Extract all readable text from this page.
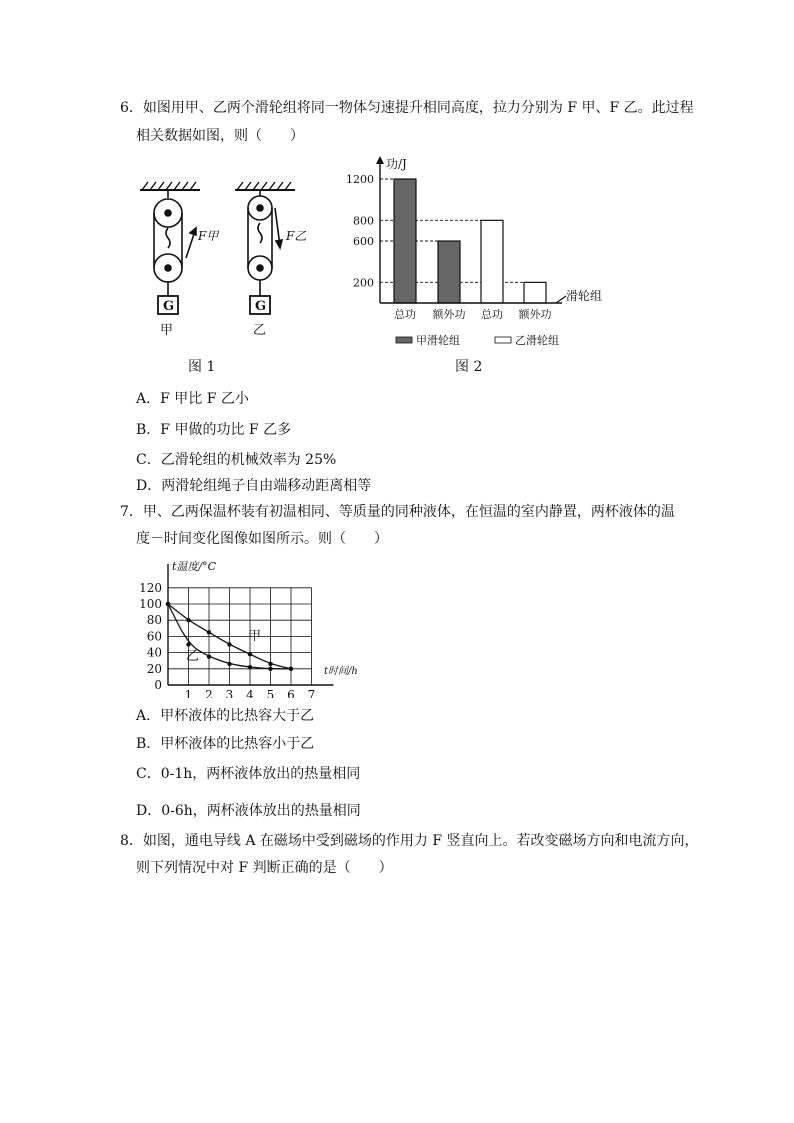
6．如图用甲、乙两个滑轮组将同一物体匀速提升相同高度，拉力分别为 F 甲、F 乙。此过程
相关数据如图，则（　　）
G	G
F甲	F乙
甲	乙
图 1
200
600
800
1200
总功 额外功 总功 额外功
功/J
滑轮组
甲滑轮组	乙滑轮组
图 2
A．F 甲比 F 乙小
B．F 甲做的功比 F 乙多
C．乙滑轮组的机械效率为 25%
D．两滑轮组绳子自由端移动距离相等
7．甲、乙两保温杯装有初温相同、等质量的同种液体，在恒温的室内静置，两杯液体的温
度－时间变化图像如图所示。则（　　）
0
20
40
60
80
100
120
1 2 3 4 5 6 7
t温度/°C
t时间/h
甲
乙
A．甲杯液体的比热容大于乙
B．甲杯液体的比热容小于乙
C．0-1h，两杯液体放出的热量相同
D．0-6h，两杯液体放出的热量相同
8．如图，通电导线 A 在磁场中受到磁场的作用力 F 竖直向上。若改变磁场方向和电流方向，
则下列情况中对 F 判断正确的是（　　）
